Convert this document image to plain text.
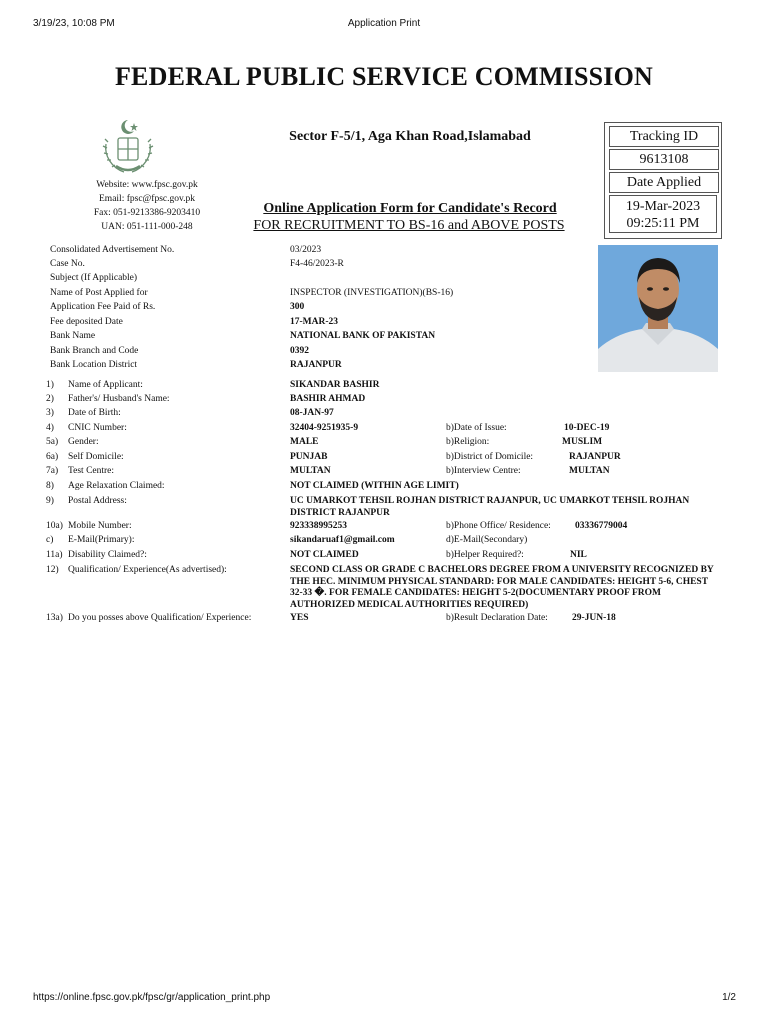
3/19/23, 10:08 PM	Application Print
FEDERAL PUBLIC SERVICE COMMISSION
Website: www.fpsc.gov.pk
Email: fpsc@fpsc.gov.pk
Fax: 051-9213386-9203410
UAN: 051-111-000-248
Sector F-5/1, Aga Khan Road,Islamabad
Online Application Form for Candidate's Record
FOR RECRUITMENT TO BS-16 and ABOVE POSTS
Tracking ID
9613108
Date Applied
19-Mar-2023
09:25:11 PM
Consolidated Advertisement No.	03/2023
Case No.	F4-46/2023-R
Subject (If Applicable)
Name of Post Applied for	INSPECTOR (INVESTIGATION)(BS-16)
Application Fee Paid of Rs.	300
Fee deposited Date	17-MAR-23
Bank Name	NATIONAL BANK OF PAKISTAN
Bank Branch and Code	0392
Bank Location District	RAJANPUR
1)	Name of Applicant:	SIKANDAR BASHIR
2)	Father's/ Husband's Name:	BASHIR AHMAD
3)	Date of Birth:	08-JAN-97
4)	CNIC Number:	32404-9251935-9	b)Date of Issue:	10-DEC-19
5a)	Gender:	MALE	b)Religion:	MUSLIM
6a)	Self Domicile:	PUNJAB	b)District of Domicile:	RAJANPUR
7a)	Test Centre:	MULTAN	b)Interview Centre:	MULTAN
8)	Age Relaxation Claimed:	NOT CLAIMED (WITHIN AGE LIMIT)
9)	Postal Address:	UC UMARKOT TEHSIL ROJHAN DISTRICT RAJANPUR, UC UMARKOT TEHSIL ROJHAN DISTRICT RAJANPUR
10a) Mobile Number:	923338995253	b)Phone Office/ Residence:	03336779004
c)	E-Mail(Primary):	sikandaruaf1@gmail.com	d)E-Mail(Secondary)
11a) Disability Claimed?:	NOT CLAIMED	b)Helper Required?:	NIL
12) Qualification/ Experience(As advertised):	SECOND CLASS OR GRADE C BACHELORS DEGREE FROM A UNIVERSITY RECOGNIZED BY THE HEC. MINIMUM PHYSICAL STANDARD: FOR MALE CANDIDATES: HEIGHT 5-6, CHEST 32-33 �. FOR FEMALE CANDIDATES: HEIGHT 5-2(DOCUMENTARY PROOF FROM AUTHORIZED MEDICAL AUTHORITIES REQUIRED)
13a) Do you posses above Qualification/ Experience:	YES	b)Result Declaration Date:	29-JUN-18
https://online.fpsc.gov.pk/fpsc/gr/application_print.php	1/2
